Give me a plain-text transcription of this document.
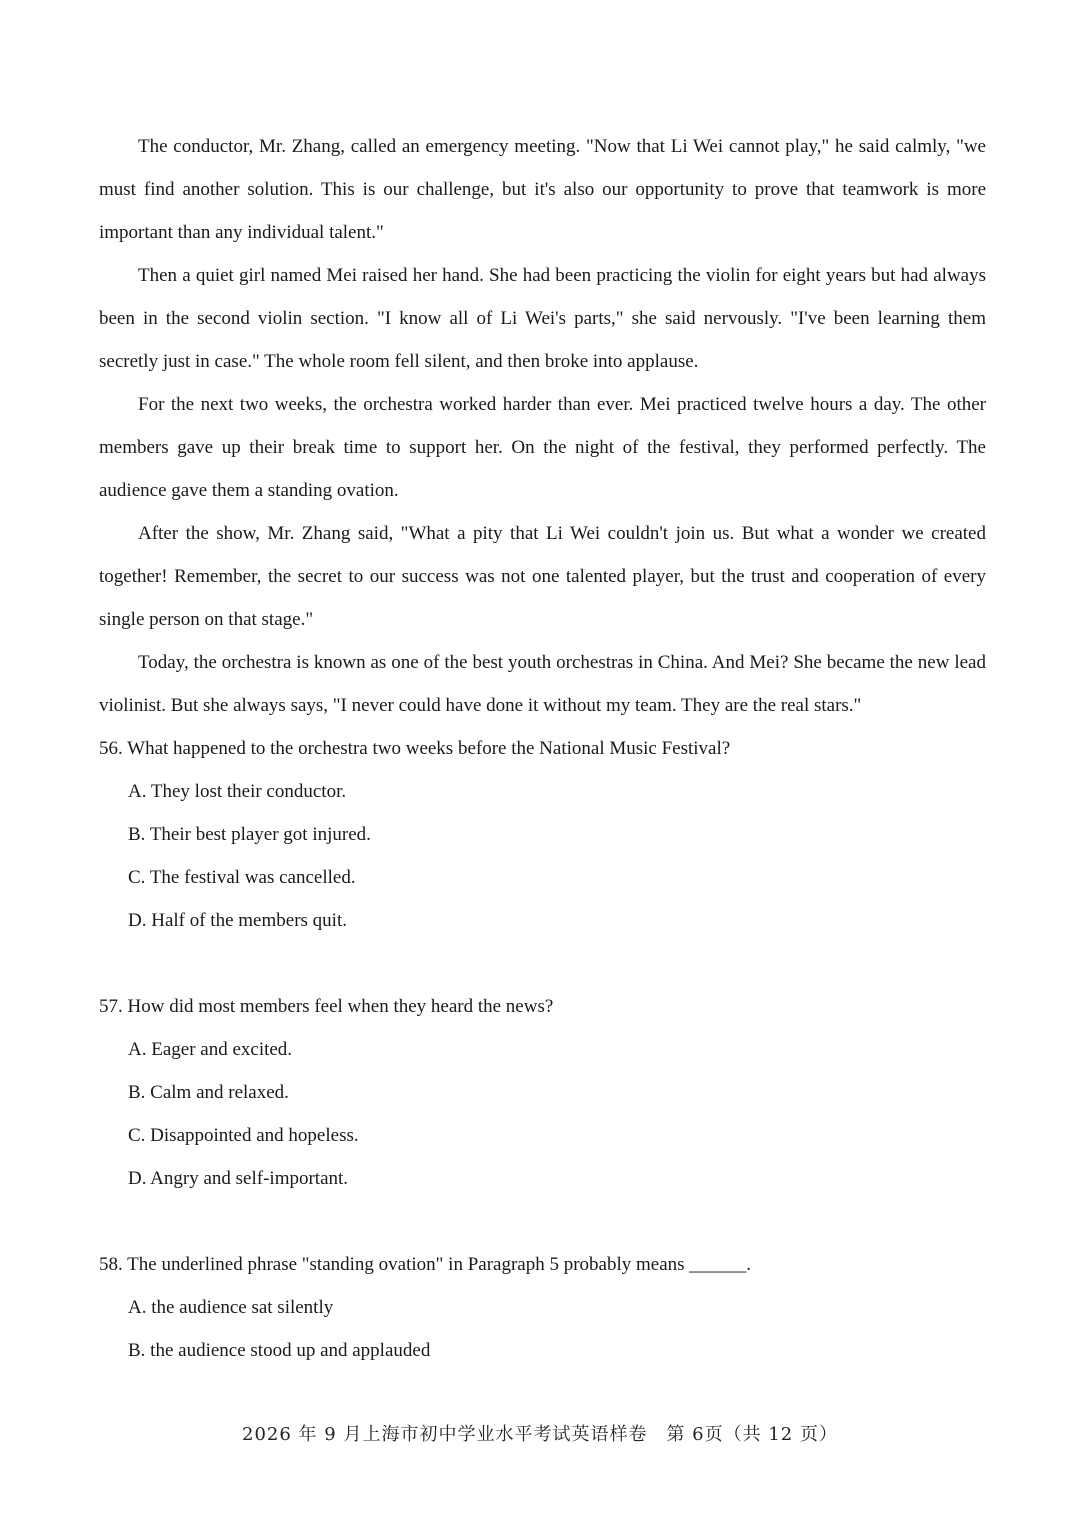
The conductor, Mr. Zhang, called an emergency meeting. "Now that Li Wei cannot play," he said calmly, "we must find another solution. This is our challenge, but it's also our opportunity to prove that teamwork is more important than any individual talent."

Then a quiet girl named Mei raised her hand. She had been practicing the violin for eight years but had always been in the second violin section. "I know all of Li Wei's parts," she said nervously. "I've been learning them secretly just in case." The whole room fell silent, and then broke into applause.

For the next two weeks, the orchestra worked harder than ever. Mei practiced twelve hours a day. The other members gave up their break time to support her. On the night of the festival, they performed perfectly. The audience gave them a standing ovation.

After the show, Mr. Zhang said, "What a pity that Li Wei couldn't join us. But what a wonder we created together! Remember, the secret to our success was not one talented player, but the trust and cooperation of every single person on that stage."

Today, the orchestra is known as one of the best youth orchestras in China. And Mei? She became the new lead violinist. But she always says, "I never could have done it without my team. They are the real stars."

56. What happened to the orchestra two weeks before the National Music Festival?

A. They lost their conductor.
B. Their best player got injured.
C. The festival was cancelled.
D. Half of the members quit.

57. How did most members feel when they heard the news?

A. Eager and excited.
B. Calm and relaxed.
C. Disappointed and hopeless.
D. Angry and self-important.

58. The underlined phrase "standing ovation" in Paragraph 5 probably means ______.

A. the audience sat silently
B. the audience stood up and applauded
2026 年 9 月上海市初中学业水平考试英语样卷　第 6页（共 12 页）
